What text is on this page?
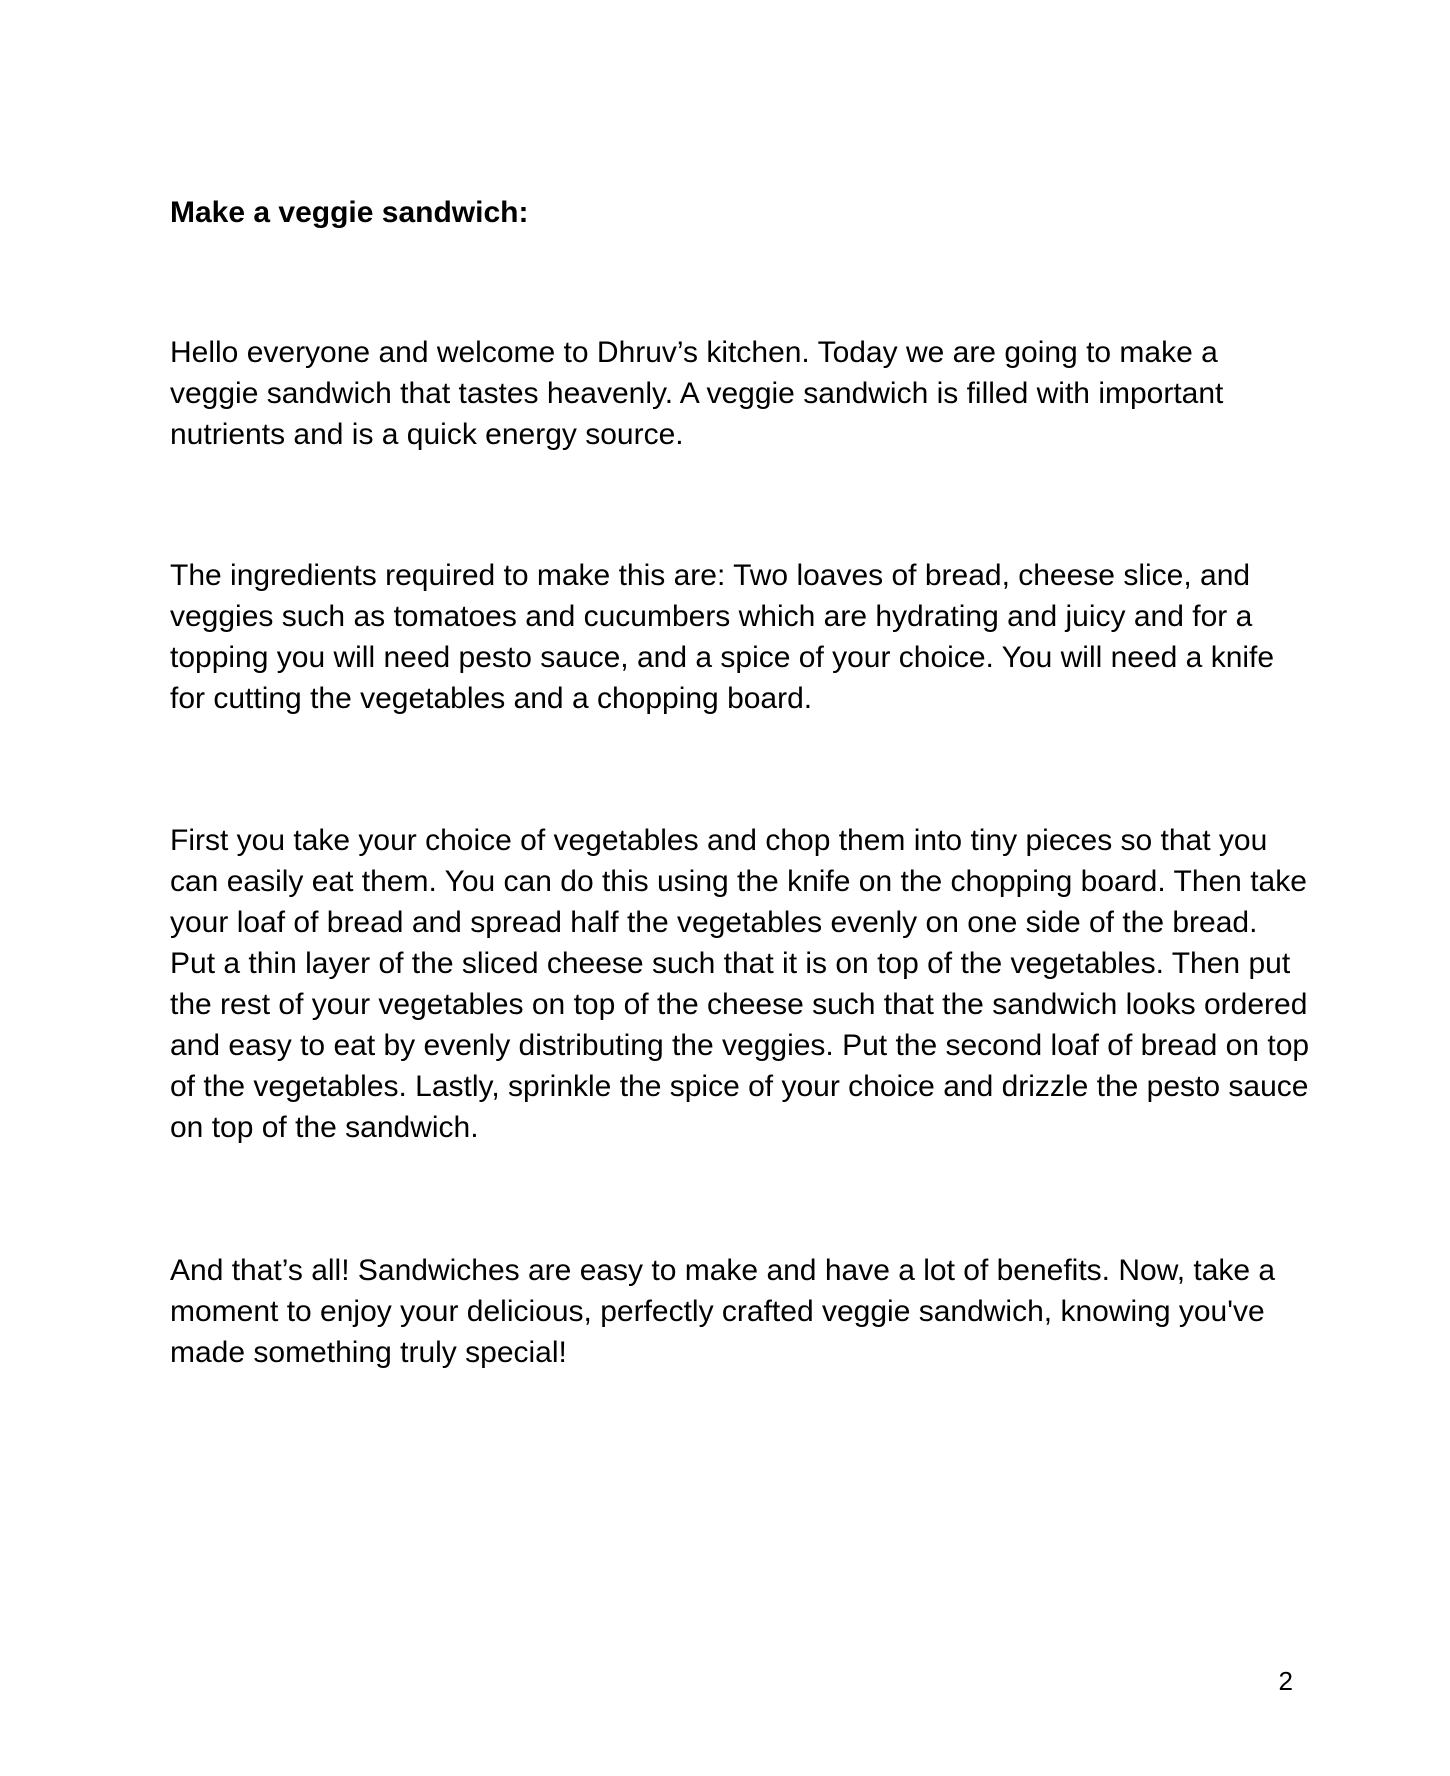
Make a veggie sandwich:

Hello everyone and welcome to Dhruv’s kitchen. Today we are going to make a veggie sandwich that tastes heavenly. A veggie sandwich is filled with important nutrients and is a quick energy source.

The ingredients required to make this are: Two loaves of bread, cheese slice, and veggies such as tomatoes and cucumbers which are hydrating and juicy and for a topping you will need pesto sauce, and a spice of your choice. You will need a knife for cutting the vegetables and a chopping board.

First you take your choice of vegetables and chop them into tiny pieces so that you can easily eat them. You can do this using the knife on the chopping board. Then take your loaf of bread and spread half the vegetables evenly on one side of the bread. Put a thin layer of the sliced cheese such that it is on top of the vegetables. Then put the rest of your vegetables on top of the cheese such that the sandwich looks ordered and easy to eat by evenly distributing the veggies. Put the second loaf of bread on top of the vegetables. Lastly, sprinkle the spice of your choice and drizzle the pesto sauce on top of the sandwich.

And that’s all! Sandwiches are easy to make and have a lot of benefits. Now, take a moment to enjoy your delicious, perfectly crafted veggie sandwich, knowing you've made something truly special!

2
